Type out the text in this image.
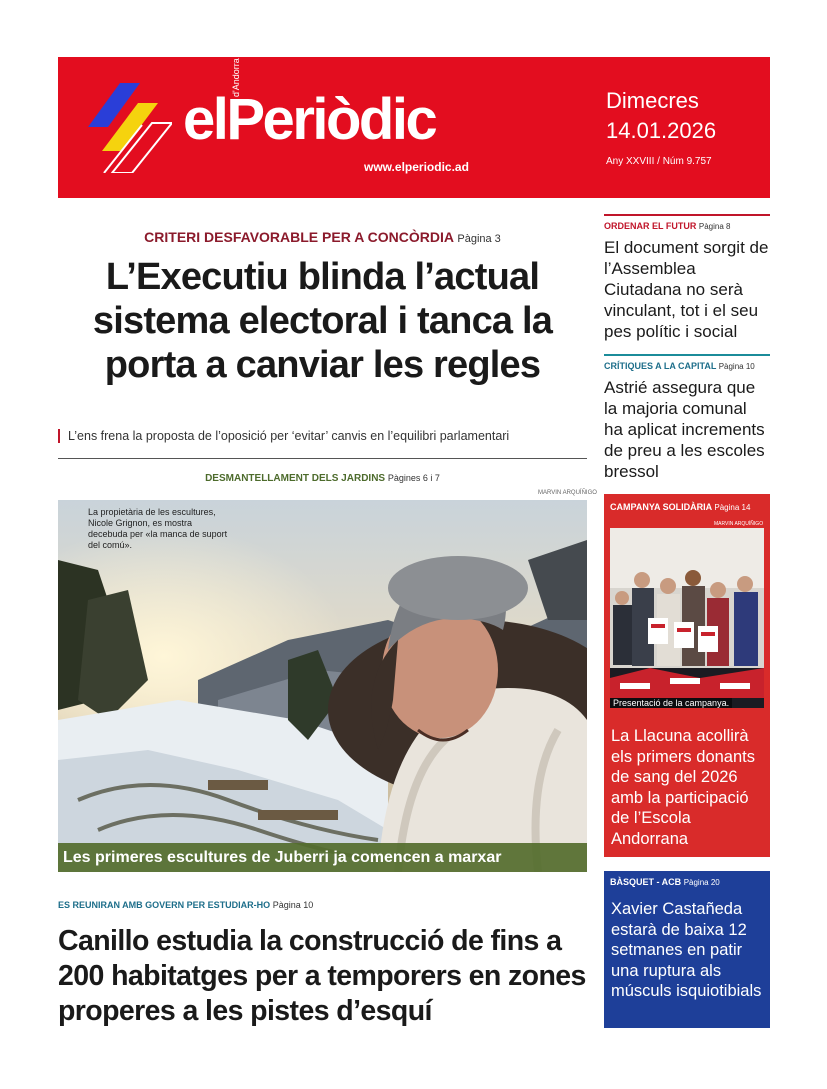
elPeriòdic
d'Andorra
www.elperiodic.ad
Dimecres
14.01.2026
Any XXVIII / Núm 9.757
CRITERI DESFAVORABLE PER A CONCÒRDIA Pàgina 3
L’Executiu blinda l’actual
sistema electoral i tanca la
porta a canviar les regles
L’ens frena la proposta de l’oposició per ‘evitar’ canvis en l’equilibri parlamentari
DESMANTELLAMENT DELS JARDINS Pàgines 6 i 7
MARVIN ARQUÍÑIGO
La propietària de les escultures, Nicole Grignon, es mostra decebuda per «la manca de suport del comú».
Les primeres escultures de Juberri ja comencen a marxar
ES REUNIRAN AMB GOVERN PER ESTUDIAR-HO Pàgina 10
Canillo estudia la construcció de fins a 200 habitatges per a temporers en zones properes a les pistes d’esquí
ORDENAR EL FUTUR Pàgina 8
El document sorgit de l’Assemblea Ciutadana no serà vinculant, tot i el seu pes polític i social
CRÍTIQUES A LA CAPITAL Pàgina 10
Astrié assegura que la majoria comunal ha aplicat increments de preu a les escoles bressol
CAMPANYA SOLIDÀRIA Pàgina 14
MARVIN ARQUÍÑIGO
Presentació de la campanya.
La Llacuna acollirà els primers donants de sang del 2026 amb la participació de l’Escola Andorrana
BÀSQUET - ACB Pàgina 20
Xavier Castañeda estarà de baixa 12 setmanes en patir una ruptura als músculs isquiotibials
